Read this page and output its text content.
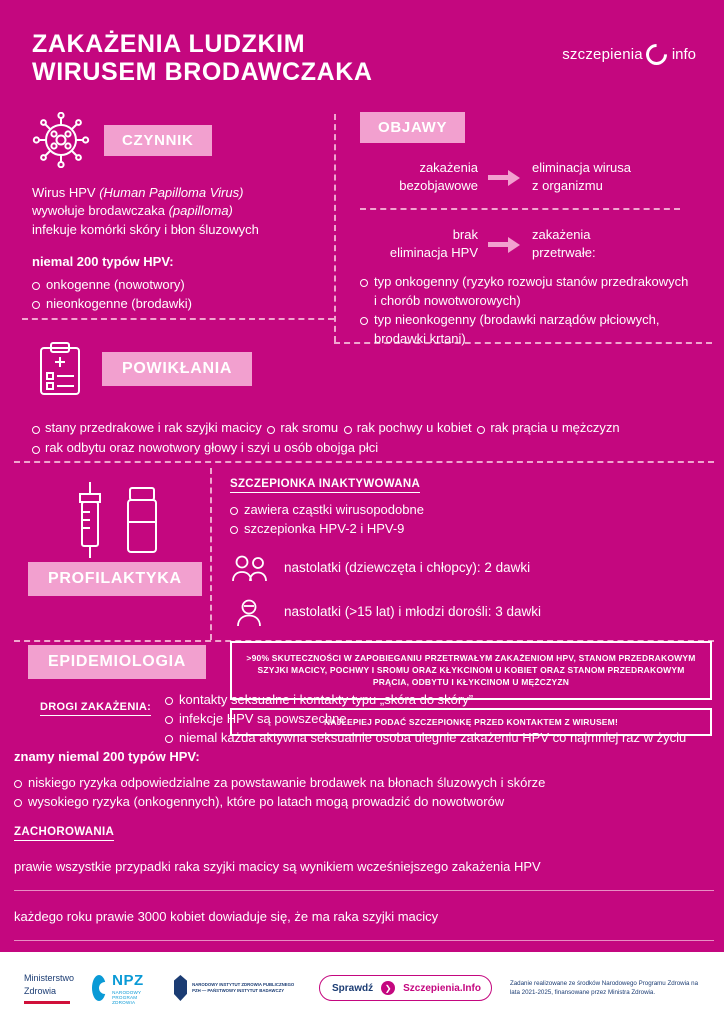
ZAKAŻENIA LUDZKIM
WIRUSEM BRODAWCZAKA
szczepienia info
CZYNNIK
Wirus HPV (Human Papilloma Virus)
wywołuje brodawczaka (papilloma)
infekuje komórki skóry i błon śluzowych
niemal 200 typów HPV:
onkogenne (nowotwory)
nieonkogenne (brodawki)
OBJAWY
zakażenia
bezobjawowe
eliminacja wirusa
z organizmu
brak
eliminacja HPV
zakażenia
przetrwałe:
typ onkogenny (ryzyko rozwoju stanów przedrakowych i chorób nowotworowych)
typ nieonkogenny (brodawki narządów płciowych, brodawki krtani)
POWIKŁANIA
stany przedrakowe i rak szyjki macicy rak sromu rak pochwy u kobiet rak prącia u mężczyzn rak odbytu oraz nowotwory głowy i szyi u osób obojga płci
PROFILAKTYKA
SZCZEPIONKA INAKTYWOWANA
zawiera cząstki wirusopodobne
szczepionka HPV-2 i HPV-9
nastolatki (dziewczęta i chłopcy): 2 dawki
nastolatki (>15 lat) i młodzi dorośli: 3 dawki
>90% SKUTECZNOŚCI W ZAPOBIEGANIU PRZETRWAŁYM ZAKAŻENIOM HPV, STANOM PRZEDRAKOWYM SZYJKI MACICY, POCHWY I SROMU ORAZ KŁYKCINOM U KOBIET ORAZ STANOM PRZEDRAKOWYM PRĄCIA, ODBYTU I KŁYKCINOM U MĘŻCZYZN
NAJLEPIEJ PODAĆ SZCZEPIONKĘ PRZED KONTAKTEM Z WIRUSEM!
EPIDEMIOLOGIA
DROGI ZAKAŻENIA:	kontakty seksualne i kontakty typu „skóra do skóry”
infekcje HPV są powszechne
niemal każda aktywna seksualnie osoba ulegnie zakażeniu HPV co najmniej raz w życiu
znamy niemal 200 typów HPV:
niskiego ryzyka odpowiedzialne za powstawanie brodawek na błonach śluzowych i skórze
wysokiego ryzyka (onkogennych), które po latach mogą prowadzić do nowotworów
ZACHOROWANIA
prawie wszystkie przypadki raka szyjki macicy są wynikiem wcześniejszego zakażenia HPV
każdego roku prawie 3000 kobiet dowiaduje się, że ma raka szyjki macicy
Ministerstwo
Zdrowia
NPZ
NARODOWY PROGRAM ZDROWIA
NARODOWY INSTYTUT ZDROWIA PUBLICZNEGO PZH — PAŃSTWOWY INSTYTUT BADAWCZY	Sprawdź	❯	Szczepienia.Info	Zadanie realizowane ze środków Narodowego Programu Zdrowia na lata 2021-2025, finansowane przez Ministra Zdrowia.
